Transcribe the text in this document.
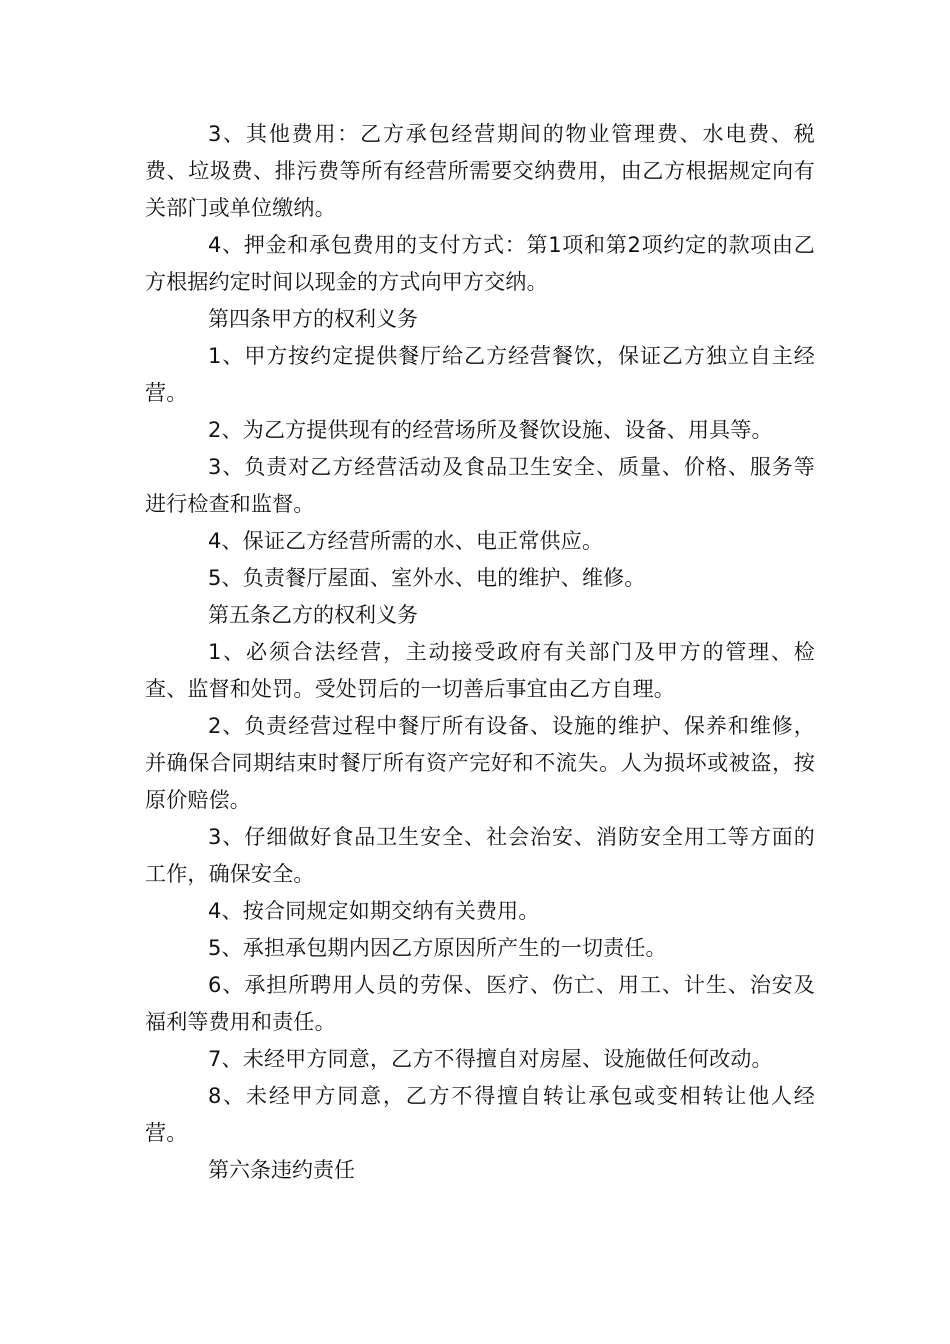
3、其他费用：乙方承包经营期间的物业管理费、水电费、税费、垃圾费、排污费等所有经营所需要交纳费用，由乙方根据规定向有关部门或单位缴纳。

4、押金和承包费用的支付方式：第1项和第2项约定的款项由乙方根据约定时间以现金的方式向甲方交纳。

第四条甲方的权利义务

1、甲方按约定提供餐厅给乙方经营餐饮，保证乙方独立自主经营。

2、为乙方提供现有的经营场所及餐饮设施、设备、用具等。

3、负责对乙方经营活动及食品卫生安全、质量、价格、服务等进行检查和监督。

4、保证乙方经营所需的水、电正常供应。

5、负责餐厅屋面、室外水、电的维护、维修。

第五条乙方的权利义务

1、必须合法经营，主动接受政府有关部门及甲方的管理、检查、监督和处罚。受处罚后的一切善后事宜由乙方自理。

2、负责经营过程中餐厅所有设备、设施的维护、保养和维修，并确保合同期结束时餐厅所有资产完好和不流失。人为损坏或被盗，按原价赔偿。

3、仔细做好食品卫生安全、社会治安、消防安全用工等方面的工作，确保安全。

4、按合同规定如期交纳有关费用。

5、承担承包期内因乙方原因所产生的一切责任。

6、承担所聘用人员的劳保、医疗、伤亡、用工、计生、治安及福利等费用和责任。

7、未经甲方同意，乙方不得擅自对房屋、设施做任何改动。

8、未经甲方同意，乙方不得擅自转让承包或变相转让他人经营。

第六条违约责任
